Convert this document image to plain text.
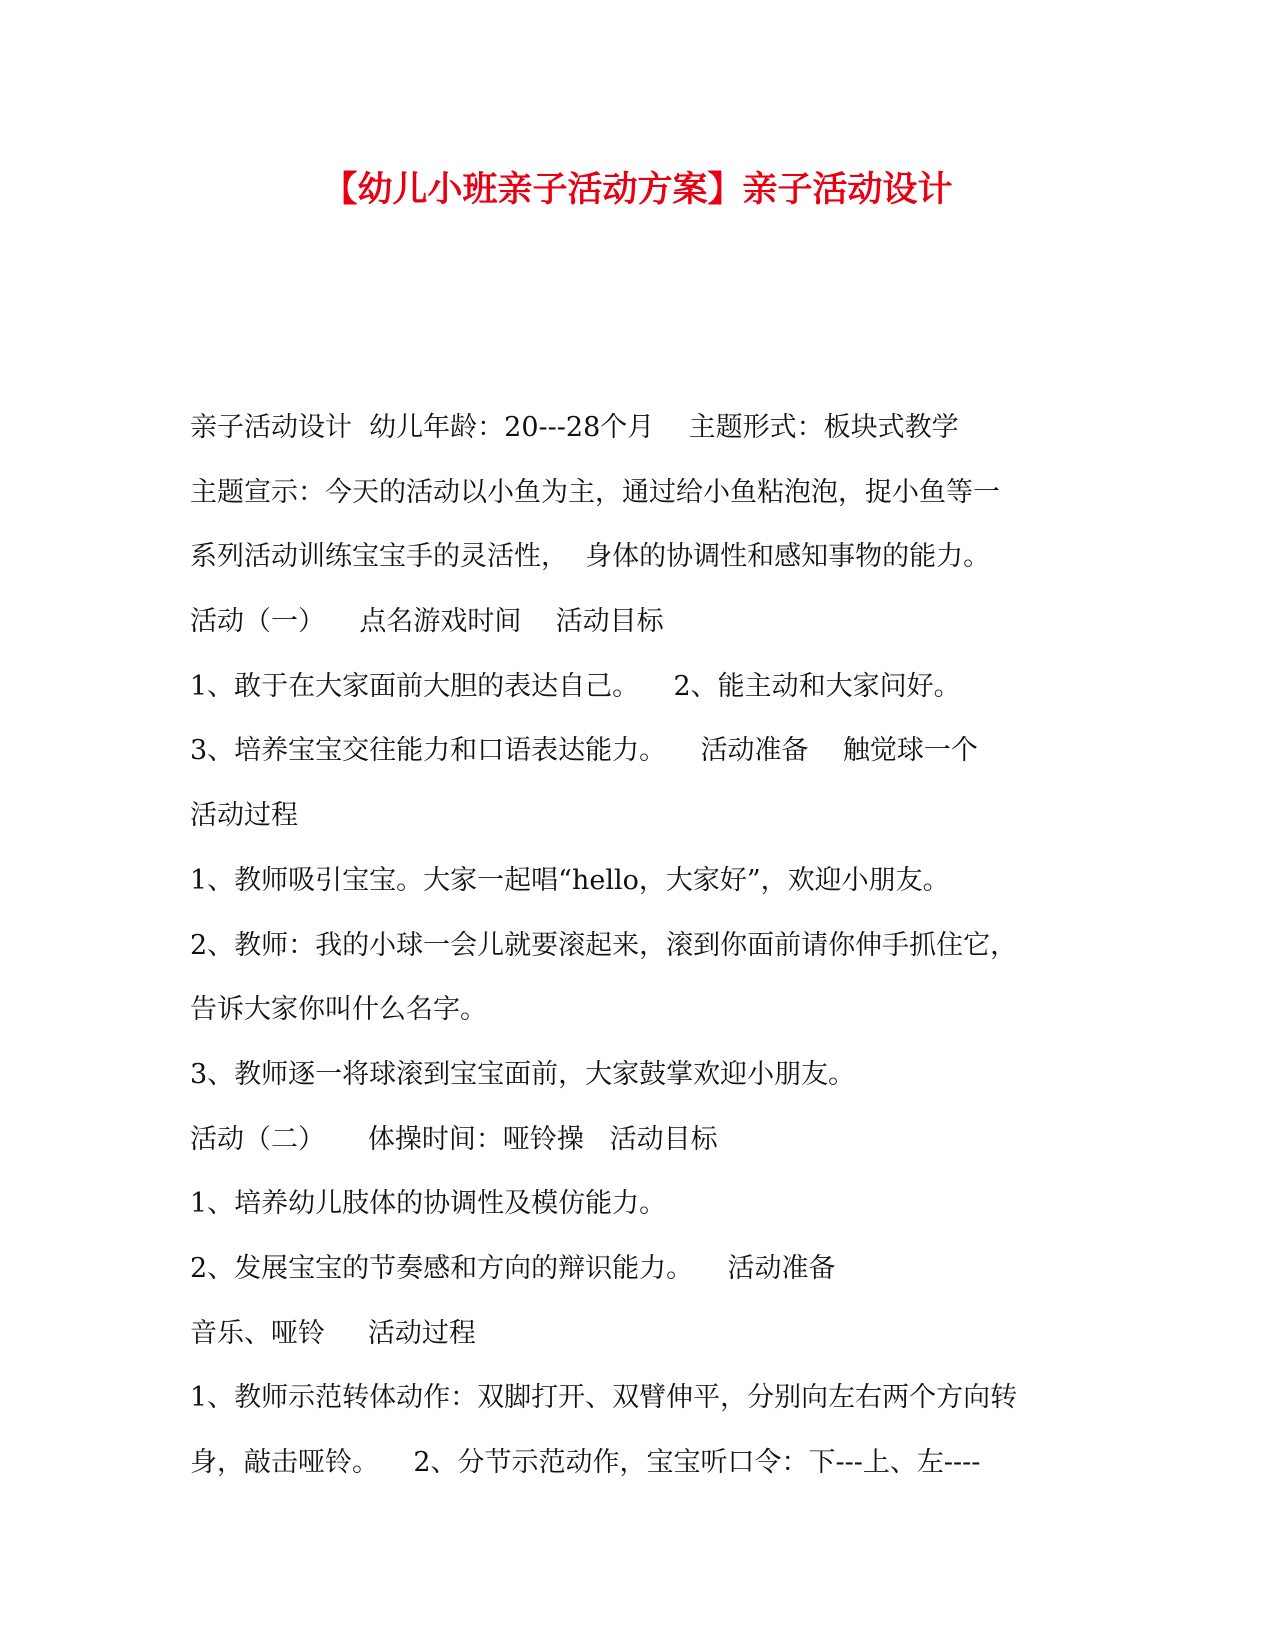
【幼儿小班亲子活动方案】亲子活动设计
亲子活动设计  幼儿年龄：20---28个月    主题形式：板块式教学
主题宣示：今天的活动以小鱼为主，通过给小鱼粘泡泡，捉小鱼等一
系列活动训练宝宝手的灵活性，  身体的协调性和感知事物的能力。
活动（一）    点名游戏时间    活动目标
1、敢于在大家面前大胆的表达自己。    2、能主动和大家问好。
3、培养宝宝交往能力和口语表达能力。    活动准备    触觉球一个
活动过程
1、教师吸引宝宝。大家一起唱“hello，大家好”，欢迎小朋友。
2、教师：我的小球一会儿就要滚起来，滚到你面前请你伸手抓住它，
告诉大家你叫什么名字。
3、教师逐一将球滚到宝宝面前，大家鼓掌欢迎小朋友。
活动（二）     体操时间：哑铃操   活动目标
1、培养幼儿肢体的协调性及模仿能力。
2、发展宝宝的节奏感和方向的辩识能力。    活动准备
音乐、哑铃     活动过程
1、教师示范转体动作：双脚打开、双臂伸平，分别向左右两个方向转
身，敲击哑铃。    2、分节示范动作，宝宝听口令：下---上、左----
